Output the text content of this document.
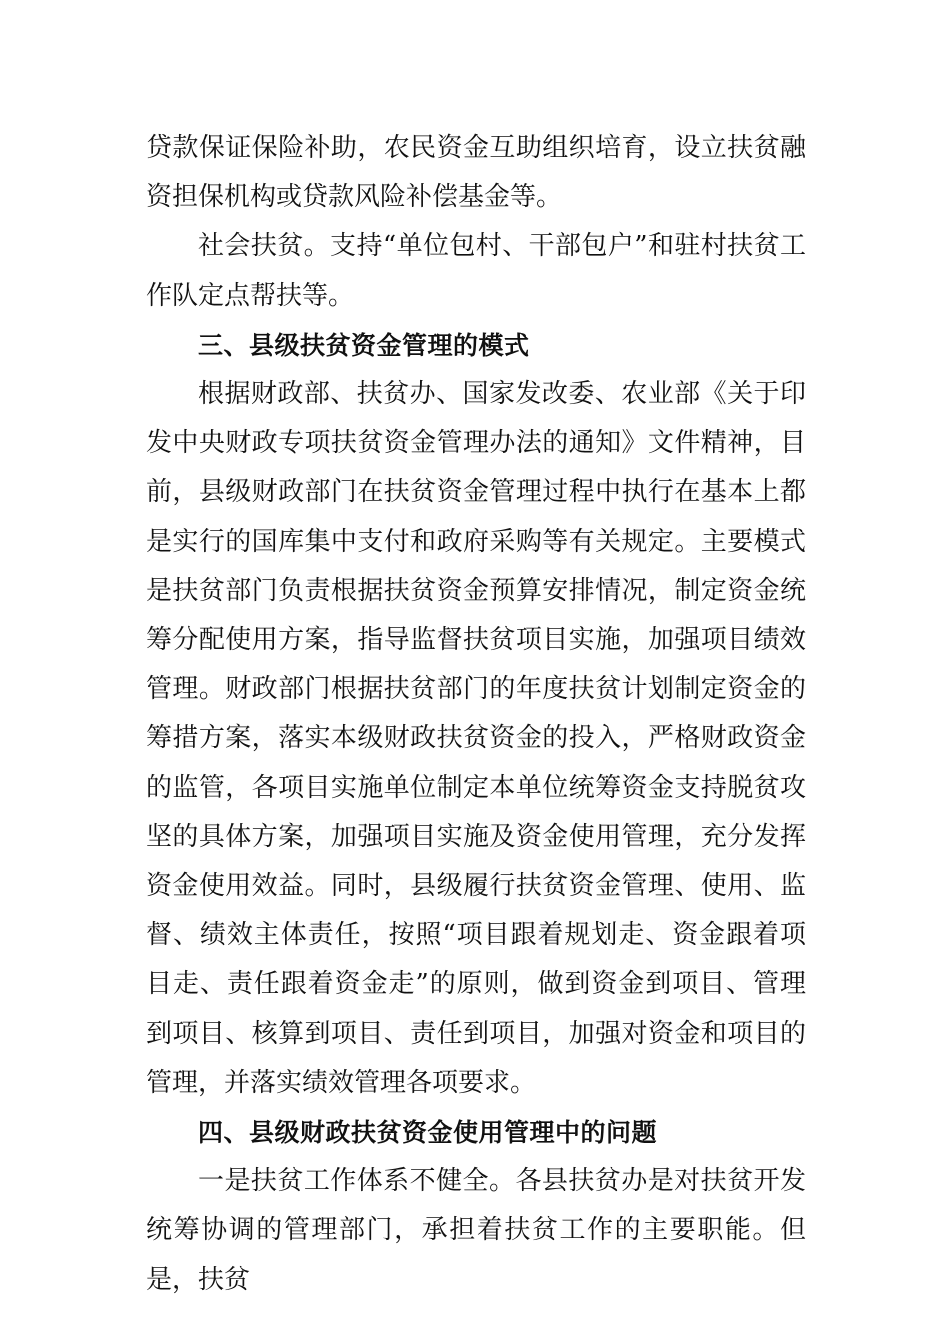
贷款保证保险补助，农民资金互助组织培育，设立扶贫融资担保机构或贷款风险补偿基金等。

社会扶贫。支持“单位包村、干部包户”和驻村扶贫工作队定点帮扶等。

三、县级扶贫资金管理的模式

根据财政部、扶贫办、国家发改委、农业部《关于印发中央财政专项扶贫资金管理办法的通知》文件精神，目前，县级财政部门在扶贫资金管理过程中执行在基本上都是实行的国库集中支付和政府采购等有关规定。主要模式是扶贫部门负责根据扶贫资金预算安排情况，制定资金统筹分配使用方案，指导监督扶贫项目实施，加强项目绩效管理。财政部门根据扶贫部门的年度扶贫计划制定资金的筹措方案，落实本级财政扶贫资金的投入，严格财政资金的监管，各项目实施单位制定本单位统筹资金支持脱贫攻坚的具体方案，加强项目实施及资金使用管理，充分发挥资金使用效益。同时，县级履行扶贫资金管理、使用、监督、绩效主体责任，按照“项目跟着规划走、资金跟着项目走、责任跟着资金走”的原则，做到资金到项目、管理到项目、核算到项目、责任到项目，加强对资金和项目的管理，并落实绩效管理各项要求。

四、县级财政扶贫资金使用管理中的问题

一是扶贫工作体系不健全。各县扶贫办是对扶贫开发统筹协调的管理部门，承担着扶贫工作的主要职能。但是，扶贫
